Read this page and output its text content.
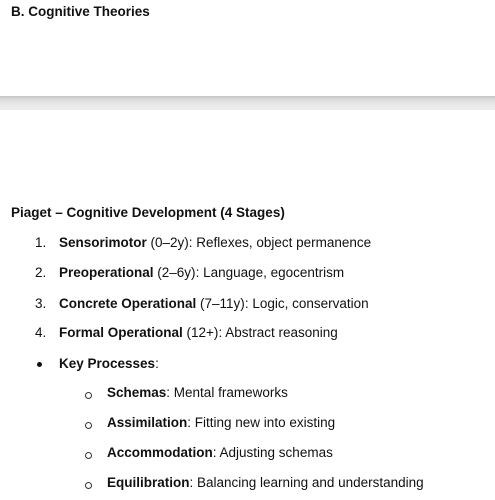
B. Cognitive Theories
Piaget – Cognitive Development (4 Stages)
1. Sensorimotor (0–2y): Reflexes, object permanence
2. Preoperational (2–6y): Language, egocentrism
3. Concrete Operational (7–11y): Logic, conservation
4. Formal Operational (12+): Abstract reasoning
Key Processes:
Schemas: Mental frameworks
Assimilation: Fitting new into existing
Accommodation: Adjusting schemas
Equilibration: Balancing learning and understanding
